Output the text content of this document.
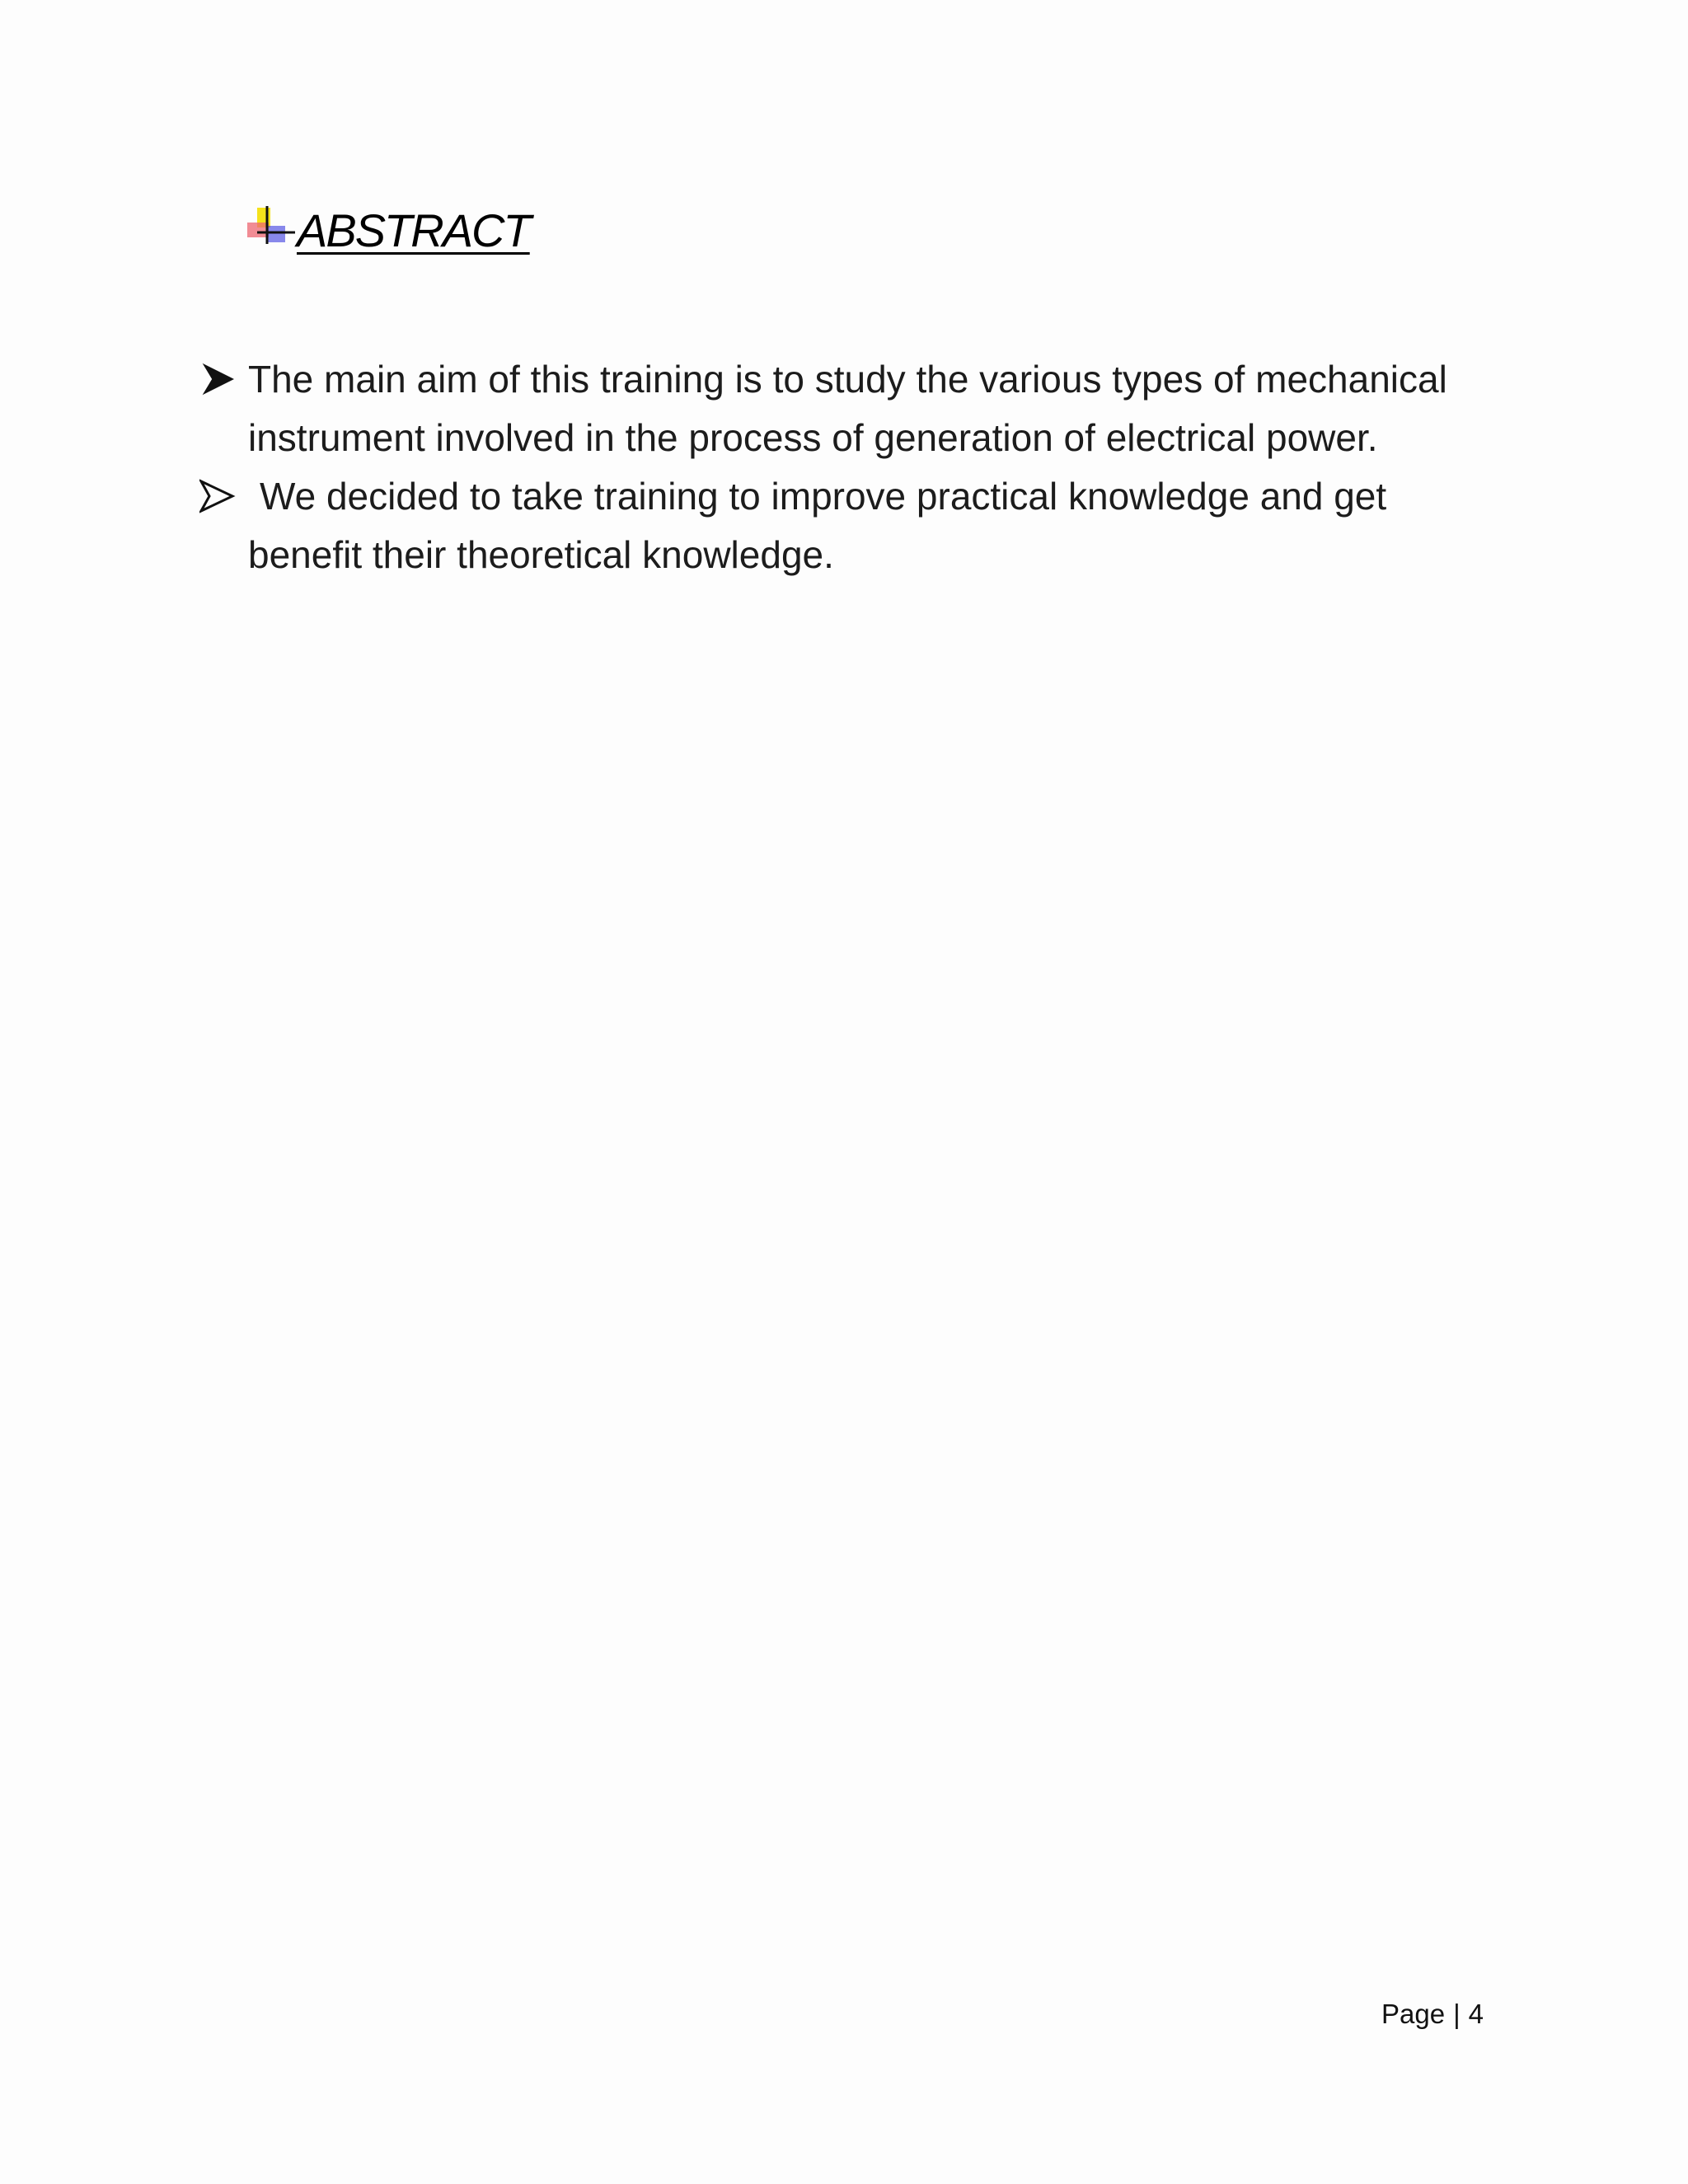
ABSTRACT
The main aim of this training is to study the various types of mechanical instrument involved in the process of generation of electrical power.
We decided to take training to improve practical knowledge and get benefit their theoretical knowledge.
Page | 4
